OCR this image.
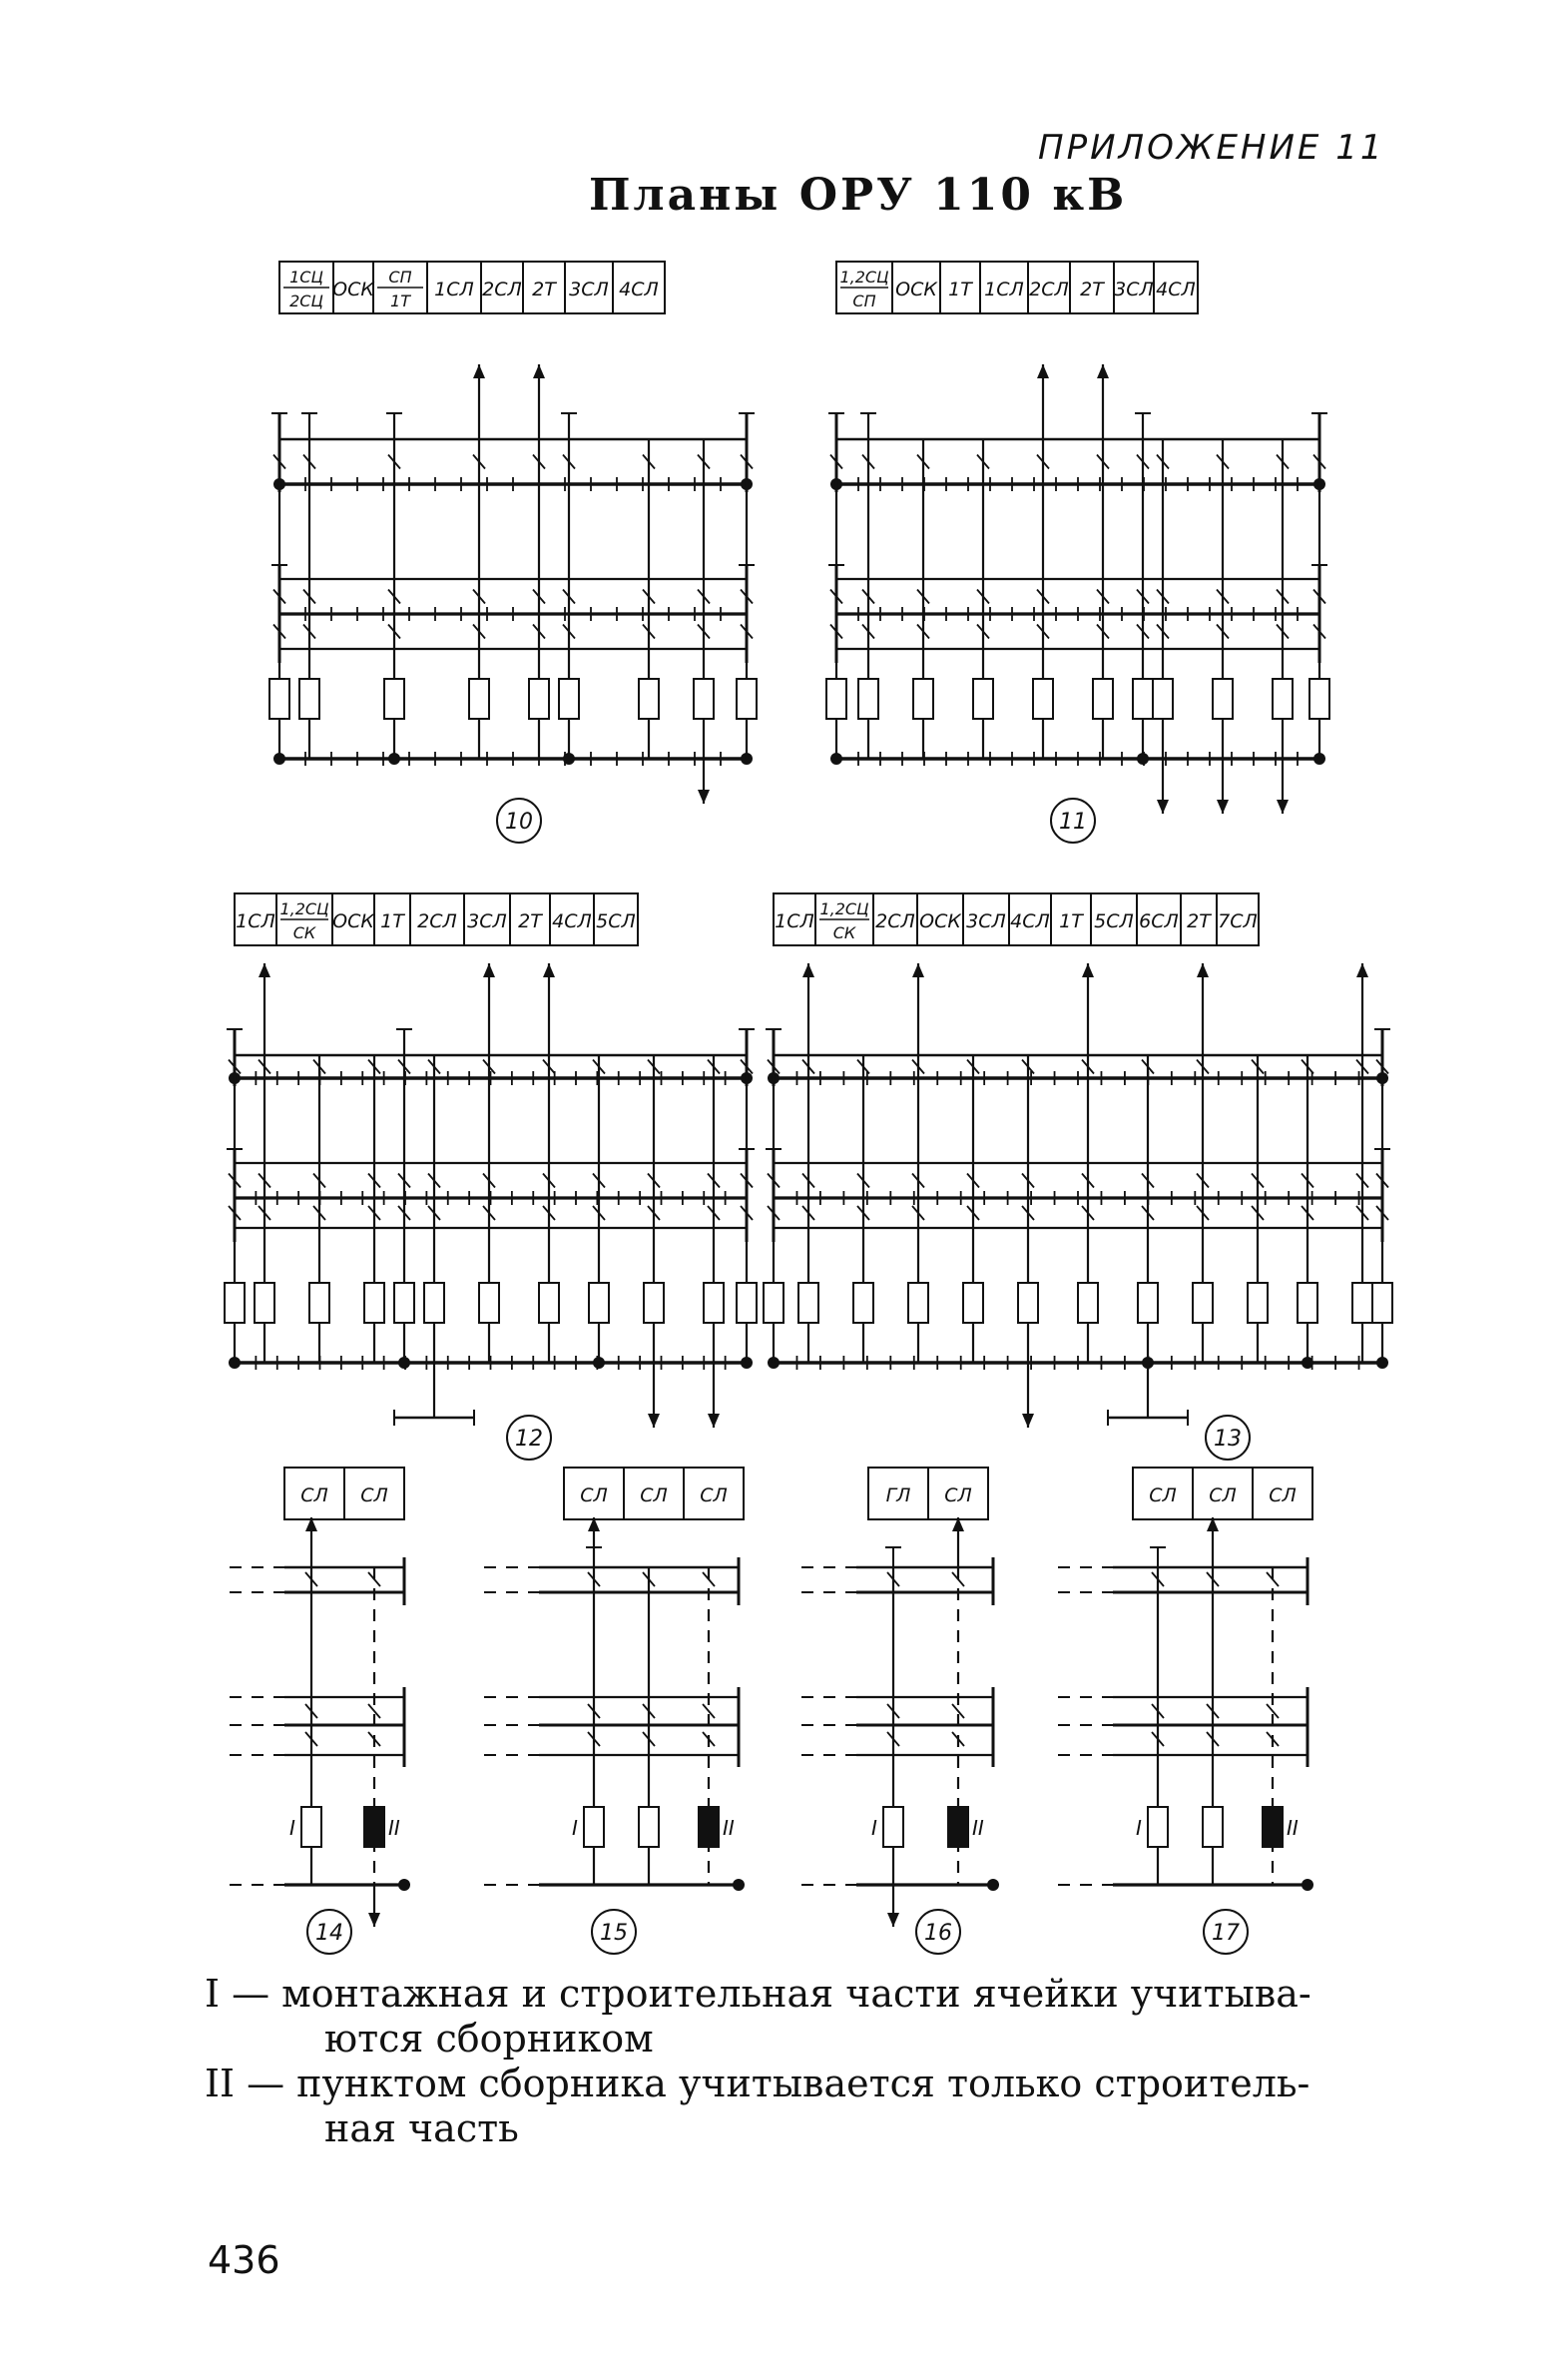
ПРИЛОЖЕНИЕ 11
Планы ОРУ 110 кВ
1СЦ
2СЦ
ОСК
СП
1Т
1СЛ 2СЛ 2Т 3СЛ 4СЛ
10
1,2СЦ
СП
ОСК 1Т 1СЛ 2СЛ 2Т 3СЛ 4СЛ
11
1СЛ
1,2СЦ
СК
ОСК 1Т 2СЛ 3СЛ 2Т 4СЛ 5СЛ
12
1СЛ
1,2СЦ
СК
2СЛ ОСК 3СЛ 4СЛ 1Т 5СЛ 6СЛ 2Т 7СЛ
13
СЛ СЛ
I	II
14
СЛ СЛ СЛ
I	II
15
ГЛ СЛ
I	II
16
СЛ СЛ СЛ
I	II
17
I — монтажная и строительная части ячейки учитыва-
ются сборником
II — пунктом сборника учитывается только строитель-
ная часть
436
